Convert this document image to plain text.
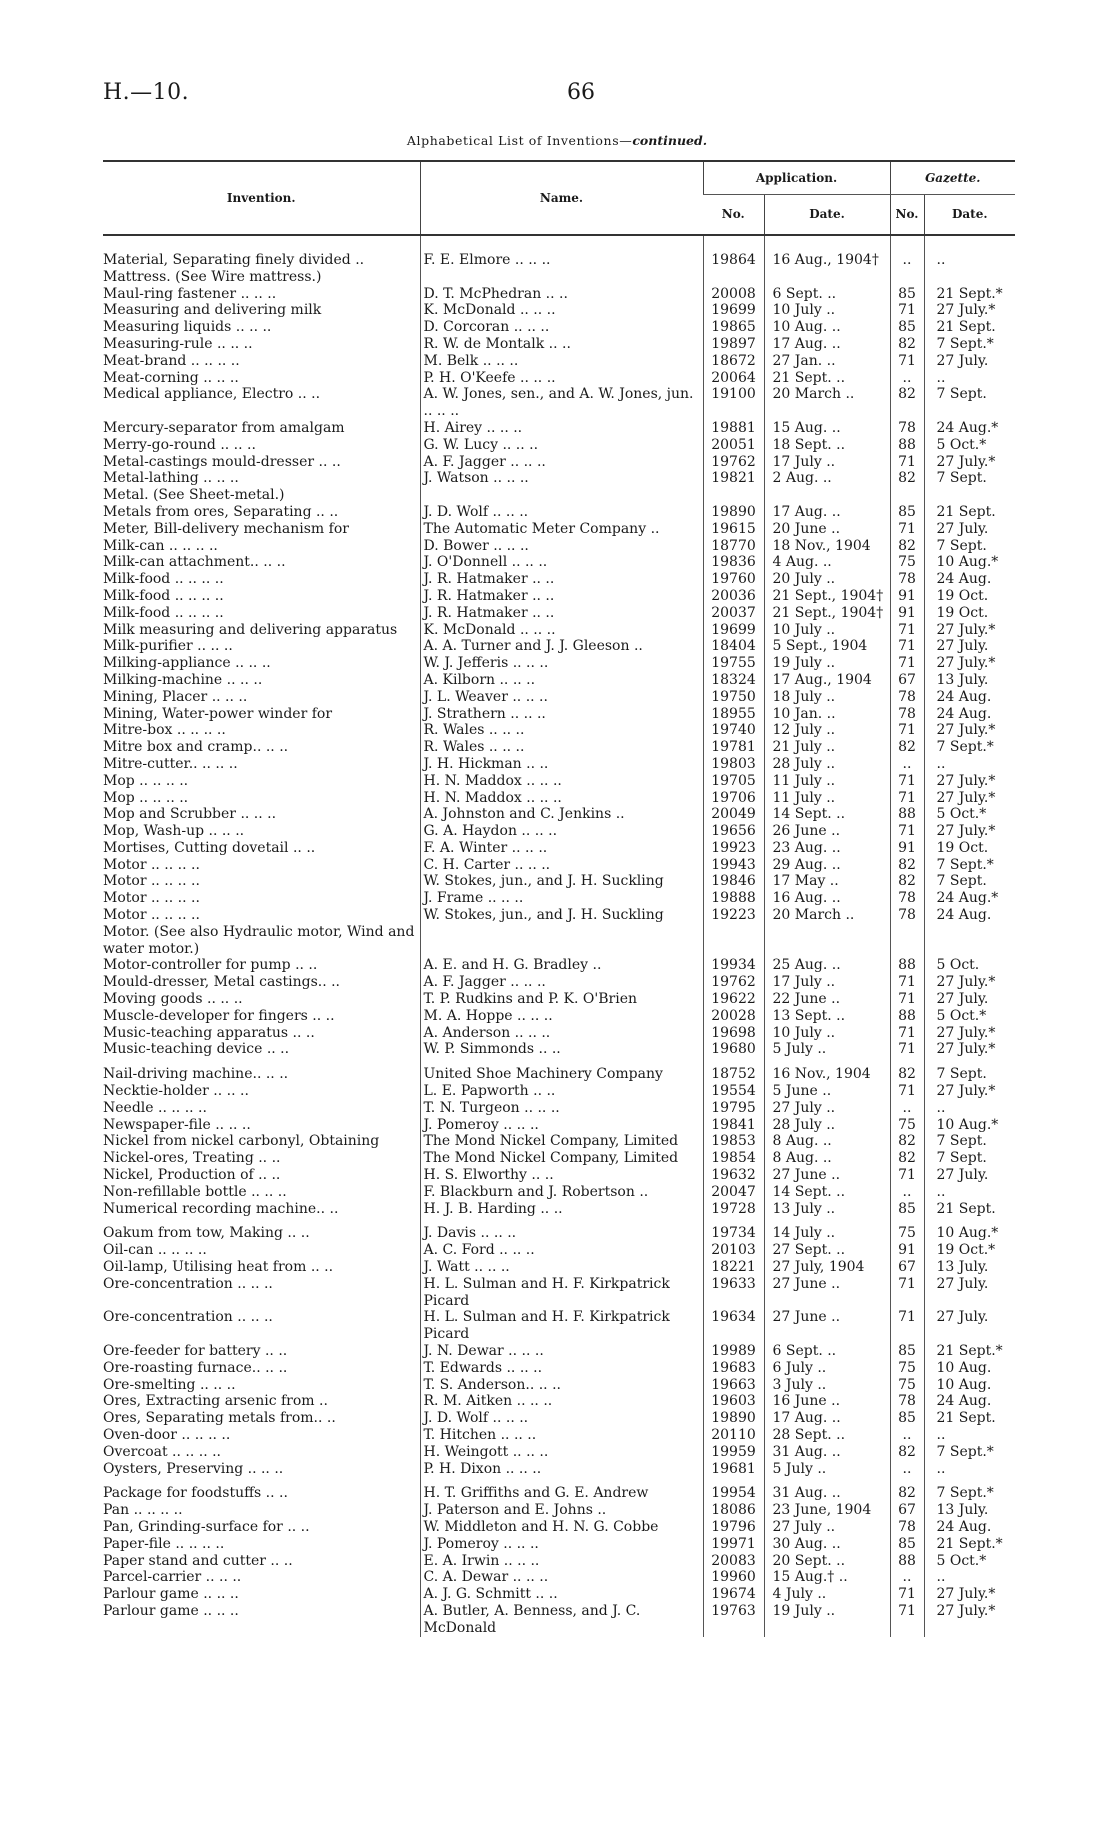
H.—10.	66
Alphabetical List of Inventions—continued.
Invention.	Name.	Application.		Gazette.	
		No.	Date.	No.	Date.

Material, Separating finely divided ..	F. E. Elmore .. .. ..	19864	16 Aug., 1904†	..	..
Mattress. (See Wire mattress.)					
Maul-ring fastener .. .. ..	D. T. McPhedran .. ..	20008	6 Sept. ..	85	21 Sept.*
Measuring and delivering milk	K. McDonald .. .. ..	19699	10 July ..	71	27 July.*
Measuring liquids .. .. ..	D. Corcoran .. .. ..	19865	10 Aug. ..	85	21 Sept.
Measuring-rule .. .. ..	R. W. de Montalk .. ..	19897	17 Aug. ..	82	7 Sept.*
Meat-brand .. .. .. ..	M. Belk .. .. ..	18672	27 Jan. ..	71	27 July.
Meat-corning .. .. ..	P. H. O'Keefe .. .. ..	20064	21 Sept. ..	..	..
Medical appliance, Electro .. ..	A. W. Jones, sen., and A. W. Jones, jun. .. .. ..	19100	20 March ..	82	7 Sept.
Mercury-separator from amalgam	H. Airey .. .. ..	19881	15 Aug. ..	78	24 Aug.*
Merry-go-round .. .. ..	G. W. Lucy .. .. ..	20051	18 Sept. ..	88	5 Oct.*
Metal-castings mould-dresser .. ..	A. F. Jagger .. .. ..	19762	17 July ..	71	27 July.*
Metal-lathing .. .. ..	J. Watson .. .. ..	19821	2 Aug. ..	82	7 Sept.
Metal. (See Sheet-metal.)					
Metals from ores, Separating .. ..	J. D. Wolf .. .. ..	19890	17 Aug. ..	85	21 Sept.
Meter, Bill-delivery mechanism for	The Automatic Meter Company ..	19615	20 June ..	71	27 July.
Milk-can .. .. .. ..	D. Bower .. .. ..	18770	18 Nov., 1904	82	7 Sept.
Milk-can attachment.. .. ..	J. O'Donnell .. .. ..	19836	4 Aug. ..	75	10 Aug.*
Milk-food .. .. .. ..	J. R. Hatmaker .. ..	19760	20 July ..	78	24 Aug.
Milk-food .. .. .. ..	J. R. Hatmaker .. ..	20036	21 Sept., 1904†	91	19 Oct.
Milk-food .. .. .. ..	J. R. Hatmaker .. ..	20037	21 Sept., 1904†	91	19 Oct.
Milk measuring and delivering apparatus	K. McDonald .. .. ..	19699	10 July ..	71	27 July.*
Milk-purifier .. .. ..	A. A. Turner and J. J. Gleeson ..	18404	5 Sept., 1904	71	27 July.
Milking-appliance .. .. ..	W. J. Jefferis .. .. ..	19755	19 July ..	71	27 July.*
Milking-machine .. .. ..	A. Kilborn .. .. ..	18324	17 Aug., 1904	67	13 July.
Mining, Placer .. .. ..	J. L. Weaver .. .. ..	19750	18 July ..	78	24 Aug.
Mining, Water-power winder for	J. Strathern .. .. ..	18955	10 Jan. ..	78	24 Aug.
Mitre-box .. .. .. ..	R. Wales .. .. ..	19740	12 July ..	71	27 July.*
Mitre box and cramp.. .. ..	R. Wales .. .. ..	19781	21 July ..	82	7 Sept.*
Mitre-cutter.. .. .. ..	J. H. Hickman .. ..	19803	28 July ..	..	..
Mop .. .. .. ..	H. N. Maddox .. .. ..	19705	11 July ..	71	27 July.*
Mop .. .. .. ..	H. N. Maddox .. .. ..	19706	11 July ..	71	27 July.*
Mop and Scrubber .. .. ..	A. Johnston and C. Jenkins ..	20049	14 Sept. ..	88	5 Oct.*
Mop, Wash-up .. .. ..	G. A. Haydon .. .. ..	19656	26 June ..	71	27 July.*
Mortises, Cutting dovetail .. ..	F. A. Winter .. .. ..	19923	23 Aug. ..	91	19 Oct.
Motor .. .. .. ..	C. H. Carter .. .. ..	19943	29 Aug. ..	82	7 Sept.*
Motor .. .. .. ..	W. Stokes, jun., and J. H. Suckling	19846	17 May ..	82	7 Sept.
Motor .. .. .. ..	J. Frame .. .. ..	19888	16 Aug. ..	78	24 Aug.*
Motor .. .. .. ..	W. Stokes, jun., and J. H. Suckling	19223	20 March ..	78	24 Aug.
Motor. (See also Hydraulic motor, Wind and water motor.)					
Motor-controller for pump .. ..	A. E. and H. G. Bradley ..	19934	25 Aug. ..	88	5 Oct.
Mould-dresser, Metal castings.. ..	A. F. Jagger .. .. ..	19762	17 July ..	71	27 July.*
Moving goods .. .. ..	T. P. Rudkins and P. K. O'Brien	19622	22 June ..	71	27 July.
Muscle-developer for fingers .. ..	M. A. Hoppe .. .. ..	20028	13 Sept. ..	88	5 Oct.*
Music-teaching apparatus .. ..	A. Anderson .. .. ..	19698	10 July ..	71	27 July.*
Music-teaching device .. ..	W. P. Simmonds .. ..	19680	5 July ..	71	27 July.*

Nail-driving machine.. .. ..	United Shoe Machinery Company	18752	16 Nov., 1904	82	7 Sept.
Necktie-holder .. .. ..	L. E. Papworth .. ..	19554	5 June ..	71	27 July.*
Needle .. .. .. ..	T. N. Turgeon .. .. ..	19795	27 July ..	..	..
Newspaper-file .. .. ..	J. Pomeroy .. .. ..	19841	28 July ..	75	10 Aug.*
Nickel from nickel carbonyl, Obtaining	The Mond Nickel Company, Limited	19853	8 Aug. ..	82	7 Sept.
Nickel-ores, Treating .. ..	The Mond Nickel Company, Limited	19854	8 Aug. ..	82	7 Sept.
Nickel, Production of .. ..	H. S. Elworthy .. ..	19632	27 June ..	71	27 July.
Non-refillable bottle .. .. ..	F. Blackburn and J. Robertson ..	20047	14 Sept. ..	..	..
Numerical recording machine.. ..	H. J. B. Harding .. ..	19728	13 July ..	85	21 Sept.

Oakum from tow, Making .. ..	J. Davis .. .. ..	19734	14 July ..	75	10 Aug.*
Oil-can .. .. .. ..	A. C. Ford .. .. ..	20103	27 Sept. ..	91	19 Oct.*
Oil-lamp, Utilising heat from .. ..	J. Watt .. .. ..	18221	27 July, 1904	67	13 July.
Ore-concentration .. .. ..	H. L. Sulman and H. F. Kirkpatrick Picard	19633	27 June ..	71	27 July.
Ore-concentration .. .. ..	H. L. Sulman and H. F. Kirkpatrick Picard	19634	27 June ..	71	27 July.
Ore-feeder for battery .. ..	J. N. Dewar .. .. ..	19989	6 Sept. ..	85	21 Sept.*
Ore-roasting furnace.. .. ..	T. Edwards .. .. ..	19683	6 July ..	75	10 Aug.
Ore-smelting .. .. ..	T. S. Anderson.. .. ..	19663	3 July ..	75	10 Aug.
Ores, Extracting arsenic from ..	R. M. Aitken .. .. ..	19603	16 June ..	78	24 Aug.
Ores, Separating metals from.. ..	J. D. Wolf .. .. ..	19890	17 Aug. ..	85	21 Sept.
Oven-door .. .. .. ..	T. Hitchen .. .. ..	20110	28 Sept. ..	..	..
Overcoat .. .. .. ..	H. Weingott .. .. ..	19959	31 Aug. ..	82	7 Sept.*
Oysters, Preserving .. .. ..	P. H. Dixon .. .. ..	19681	5 July ..	..	..

Package for foodstuffs .. ..	H. T. Griffiths and G. E. Andrew	19954	31 Aug. ..	82	7 Sept.*
Pan .. .. .. ..	J. Paterson and E. Johns ..	18086	23 June, 1904	67	13 July.
Pan, Grinding-surface for .. ..	W. Middleton and H. N. G. Cobbe	19796	27 July ..	78	24 Aug.
Paper-file .. .. .. ..	J. Pomeroy .. .. ..	19971	30 Aug. ..	85	21 Sept.*
Paper stand and cutter .. ..	E. A. Irwin .. .. ..	20083	20 Sept. ..	88	5 Oct.*
Parcel-carrier .. .. ..	C. A. Dewar .. .. ..	19960	15 Aug.† ..	..	..
Parlour game .. .. ..	A. J. G. Schmitt .. ..	19674	4 July ..	71	27 July.*
Parlour game .. .. ..	A. Butler, A. Benness, and J. C. McDonald	19763	19 July ..	71	27 July.*
